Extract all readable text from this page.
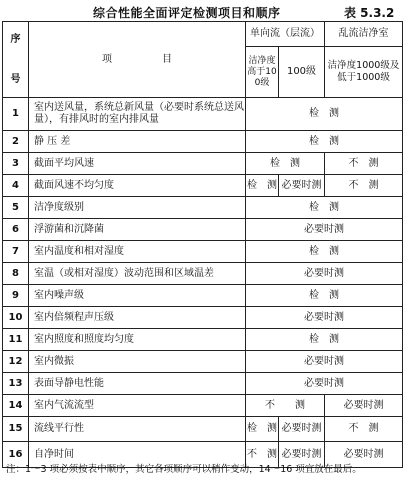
综合性能全面评定检测项目和顺序	表 5.3.2
序
号	项　　　　　目	单向流（层流）		乱流洁净室
		洁净度高于100级	100级	洁净度1000级及低于1000级
1	室内送风量，系统总新风量（必要时系统总送风量），有排风时的室内排风量	检　测		
2	静 压 差	检　测		
3	截面平均风速	检　测		不　测
4	截面风速不均匀度	检　测	必要时测	不　测
5	洁净度级别	检　测		
6	浮游菌和沉降菌	必要时测		
7	室内温度和相对湿度	检　测		
8	室温（或相对湿度）波动范围和区域温差	必要时测		
9	室内噪声级	检　测		
10	室内倍频程声压级	必要时测		
11	室内照度和照度均匀度	检　测		
12	室内微振	必要时测		
13	表面导静电性能	必要时测		
14	室内气流流型	不　　测		必要时测
15	流线平行性	检　测	必要时测	不　测
16	自净时间	不　测	必要时测	必要时测
注：1～3 项必须按表中顺序，其它各项顺序可以稍作变动，14～16 项宜放在最后。
